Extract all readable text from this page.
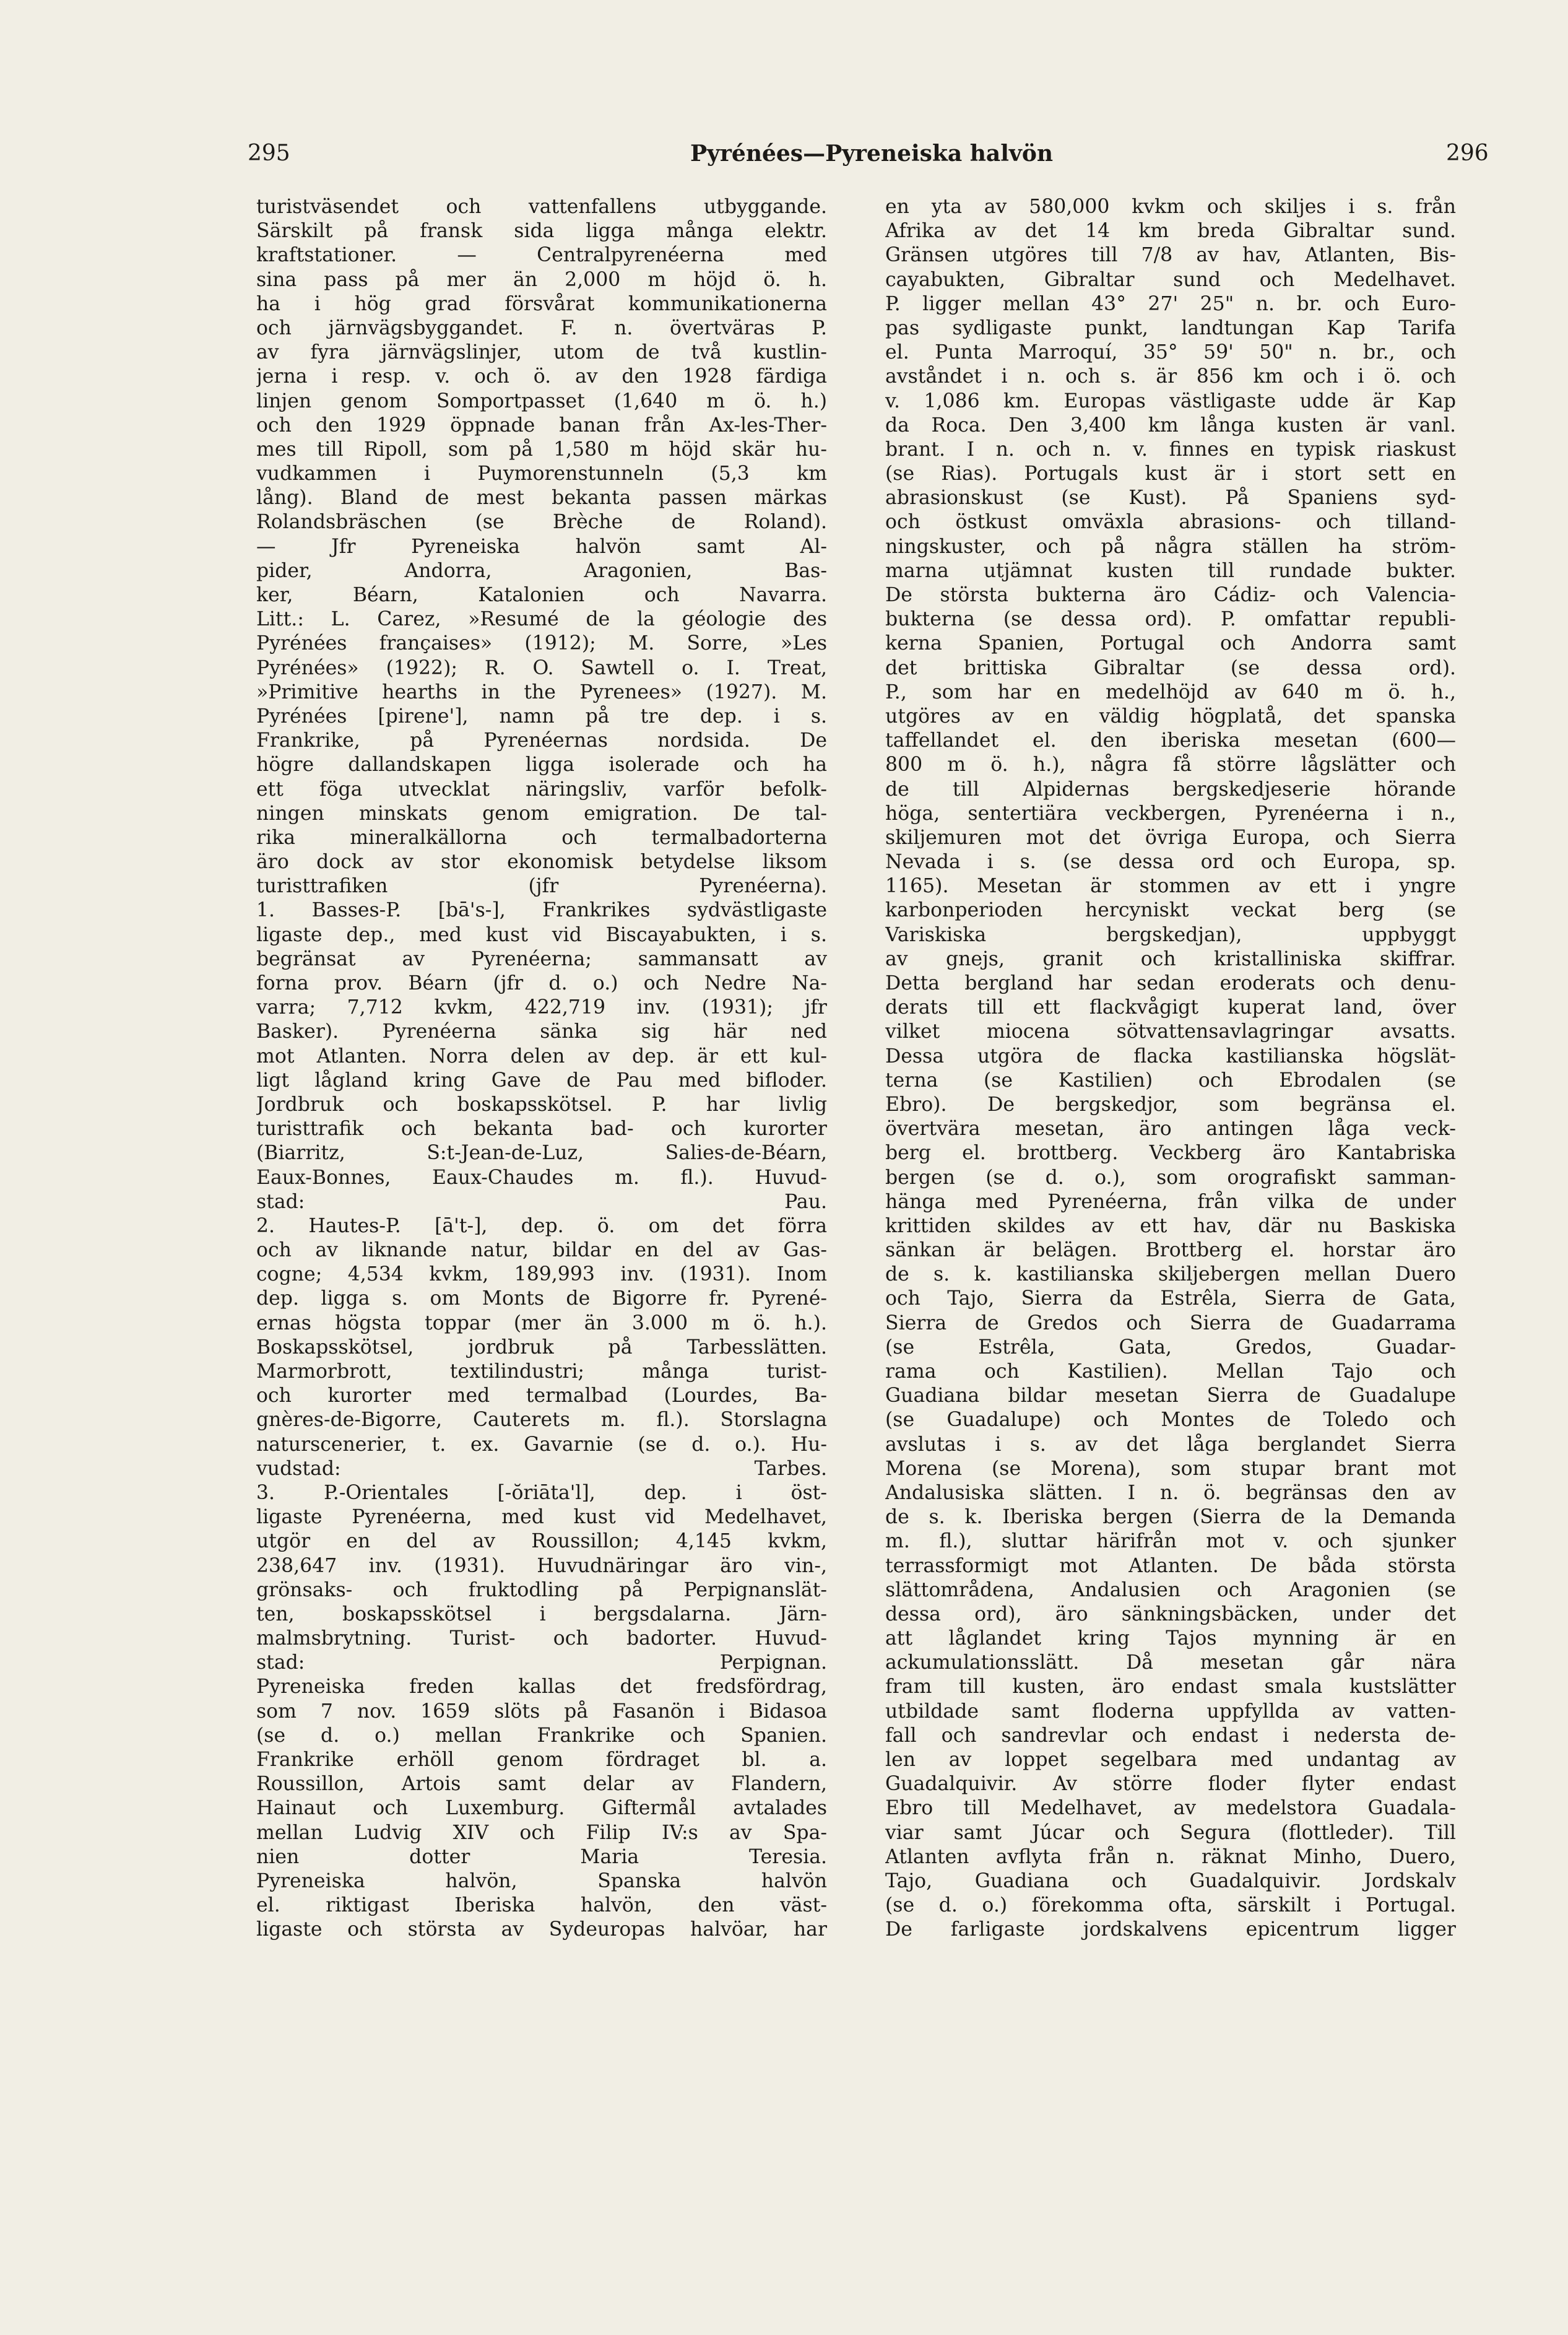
295	Pyrénées—Pyreneiska halvön	296
turistväsendet och vattenfallens utbyggande.
Särskilt på fransk sida ligga många elektr.
kraftstationer. — Centralpyrenéerna med
sina pass på mer än 2,000 m höjd ö. h.
ha i hög grad försvårat kommunikationerna
och järnvägsbyggandet. F. n. övertväras P.
av fyra järnvägslinjer, utom de två kustlin-
jerna i resp. v. och ö. av den 1928 färdiga
linjen genom Somportpasset (1,640 m ö. h.)
och den 1929 öppnade banan från Ax-les-Ther-
mes till Ripoll, som på 1,580 m höjd skär hu-
vudkammen i Puymorenstunneln (5,3 km
lång). Bland de mest bekanta passen märkas
Rolandsbräschen (se Brèche de Roland).
— Jfr Pyreneiska halvön samt Al-
pider, Andorra, Aragonien, Bas-
ker, Béarn, Katalonien och Navarra.
Litt.: L. Carez, »Resumé de la géologie des
Pyrénées françaises» (1912); M. Sorre, »Les
Pyrénées» (1922); R. O. Sawtell o. I. Treat,
»Primitive hearths in the Pyrenees» (1927). M.
Pyrénées [pirene'], namn på tre dep. i s.
Frankrike, på Pyrenéernas nordsida. De
högre dallandskapen ligga isolerade och ha
ett föga utvecklat näringsliv, varför befolk-
ningen minskats genom emigration. De tal-
rika mineralkällorna och termalbadorterna
äro dock av stor ekonomisk betydelse liksom
turisttrafiken (jfr Pyrenéerna).
1. Basses-P. [bā's-], Frankrikes sydvästligaste
ligaste dep., med kust vid Biscayabukten, i s.
begränsat av Pyrenéerna; sammansatt av
forna prov. Béarn (jfr d. o.) och Nedre Na-
varra; 7,712 kvkm, 422,719 inv. (1931); jfr
Basker). Pyrenéerna sänka sig här ned
mot Atlanten. Norra delen av dep. är ett kul-
ligt lågland kring Gave de Pau med bifloder.
Jordbruk och boskapsskötsel. P. har livlig
turisttrafik och bekanta bad- och kurorter
(Biarritz, S:t-Jean-de-Luz, Salies-de-Béarn,
Eaux-Bonnes, Eaux-Chaudes m. fl.). Huvud-
stad: Pau.
2. Hautes-P. [ā't-], dep. ö. om det förra
och av liknande natur, bildar en del av Gas-
cogne; 4,534 kvkm, 189,993 inv. (1931). Inom
dep. ligga s. om Monts de Bigorre fr. Pyrené-
ernas högsta toppar (mer än 3.000 m ö. h.).
Boskapsskötsel, jordbruk på Tarbesslätten.
Marmorbrott, textilindustri; många turist-
och kurorter med termalbad (Lourdes, Ba-
gnères-de-Bigorre, Cauterets m. fl.). Storslagna
naturscenerier, t. ex. Gavarnie (se d. o.). Hu-
vudstad: Tarbes.
3. P.-Orientales [-ŏriāta'l], dep. i öst-
ligaste Pyrenéerna, med kust vid Medelhavet,
utgör en del av Roussillon; 4,145 kvkm,
238,647 inv. (1931). Huvudnäringar äro vin-,
grönsaks- och fruktodling på Perpignanslät-
ten, boskapsskötsel i bergsdalarna. Järn-
malmsbrytning. Turist- och badorter. Huvud-
stad: Perpignan.
Pyreneiska freden kallas det fredsfördrag,
som 7 nov. 1659 slöts på Fasanön i Bidasoa
(se d. o.) mellan Frankrike och Spanien.
Frankrike erhöll genom fördraget bl. a.
Roussillon, Artois samt delar av Flandern,
Hainaut och Luxemburg. Giftermål avtalades
mellan Ludvig XIV och Filip IV:s av Spa-
nien dotter Maria Teresia.
Pyreneiska halvön, Spanska halvön
el. riktigast Iberiska halvön, den väst-
ligaste och största av Sydeuropas halvöar, har
en yta av 580,000 kvkm och skiljes i s. från
Afrika av det 14 km breda Gibraltar sund.
Gränsen utgöres till 7/8 av hav, Atlanten, Bis-
cayabukten, Gibraltar sund och Medelhavet.
P. ligger mellan 43° 27' 25" n. br. och Euro-
pas sydligaste punkt, landtungan Kap Tarifa
el. Punta Marroquí, 35° 59' 50" n. br., och
avståndet i n. och s. är 856 km och i ö. och
v. 1,086 km. Europas västligaste udde är Kap
da Roca. Den 3,400 km långa kusten är vanl.
brant. I n. och n. v. finnes en typisk riaskust
(se Rias). Portugals kust är i stort sett en
abrasionskust (se Kust). På Spaniens syd-
och östkust omväxla abrasions- och tilland-
ningskuster, och på några ställen ha ström-
marna utjämnat kusten till rundade bukter.
De största bukterna äro Cádiz- och Valencia-
bukterna (se dessa ord). P. omfattar republi-
kerna Spanien, Portugal och Andorra samt
det brittiska Gibraltar (se dessa ord).
P., som har en medelhöjd av 640 m ö. h.,
utgöres av en väldig högplatå, det spanska
taffellandet el. den iberiska mesetan (600—
800 m ö. h.), några få större lågslätter och
de till Alpidernas bergskedjeserie hörande
höga, sentertiära veckbergen, Pyrenéerna i n.,
skiljemuren mot det övriga Europa, och Sierra
Nevada i s. (se dessa ord och Europa, sp.
1165). Mesetan är stommen av ett i yngre
karbonperioden hercyniskt veckat berg (se
Variskiska bergskedjan), uppbyggt
av gnejs, granit och kristalliniska skiffrar.
Detta bergland har sedan eroderats och denu-
derats till ett flackvågigt kuperat land, över
vilket miocena sötvattensavlagringar avsatts.
Dessa utgöra de flacka kastilianska högslät-
terna (se Kastilien) och Ebrodalen (se
Ebro). De bergskedjor, som begränsa el.
övertvära mesetan, äro antingen låga veck-
berg el. brottberg. Veckberg äro Kantabriska
bergen (se d. o.), som orografiskt samman-
hänga med Pyrenéerna, från vilka de under
krittiden skildes av ett hav, där nu Baskiska
sänkan är belägen. Brottberg el. horstar äro
de s. k. kastilianska skiljebergen mellan Duero
och Tajo, Sierra da Estrêla, Sierra de Gata,
Sierra de Gredos och Sierra de Guadarrama
(se Estrêla, Gata, Gredos, Guadar-
rama och Kastilien). Mellan Tajo och
Guadiana bildar mesetan Sierra de Guadalupe
(se Guadalupe) och Montes de Toledo och
avslutas i s. av det låga berglandet Sierra
Morena (se Morena), som stupar brant mot
Andalusiska slätten. I n. ö. begränsas den av
de s. k. Iberiska bergen (Sierra de la Demanda
m. fl.), sluttar härifrån mot v. och sjunker
terrassformigt mot Atlanten. De båda största
slättområdena, Andalusien och Aragonien (se
dessa ord), äro sänkningsbäcken, under det
att låglandet kring Tajos mynning är en
ackumulationsslätt. Då mesetan går nära
fram till kusten, äro endast smala kustslätter
utbildade samt floderna uppfyllda av vatten-
fall och sandrevlar och endast i nedersta de-
len av loppet segelbara med undantag av
Guadalquivir. Av större floder flyter endast
Ebro till Medelhavet, av medelstora Guadala-
viar samt Júcar och Segura (flottleder). Till
Atlanten avflyta från n. räknat Minho, Duero,
Tajo, Guadiana och Guadalquivir. Jordskalv
(se d. o.) förekomma ofta, särskilt i Portugal.
De farligaste jordskalvens epicentrum ligger
